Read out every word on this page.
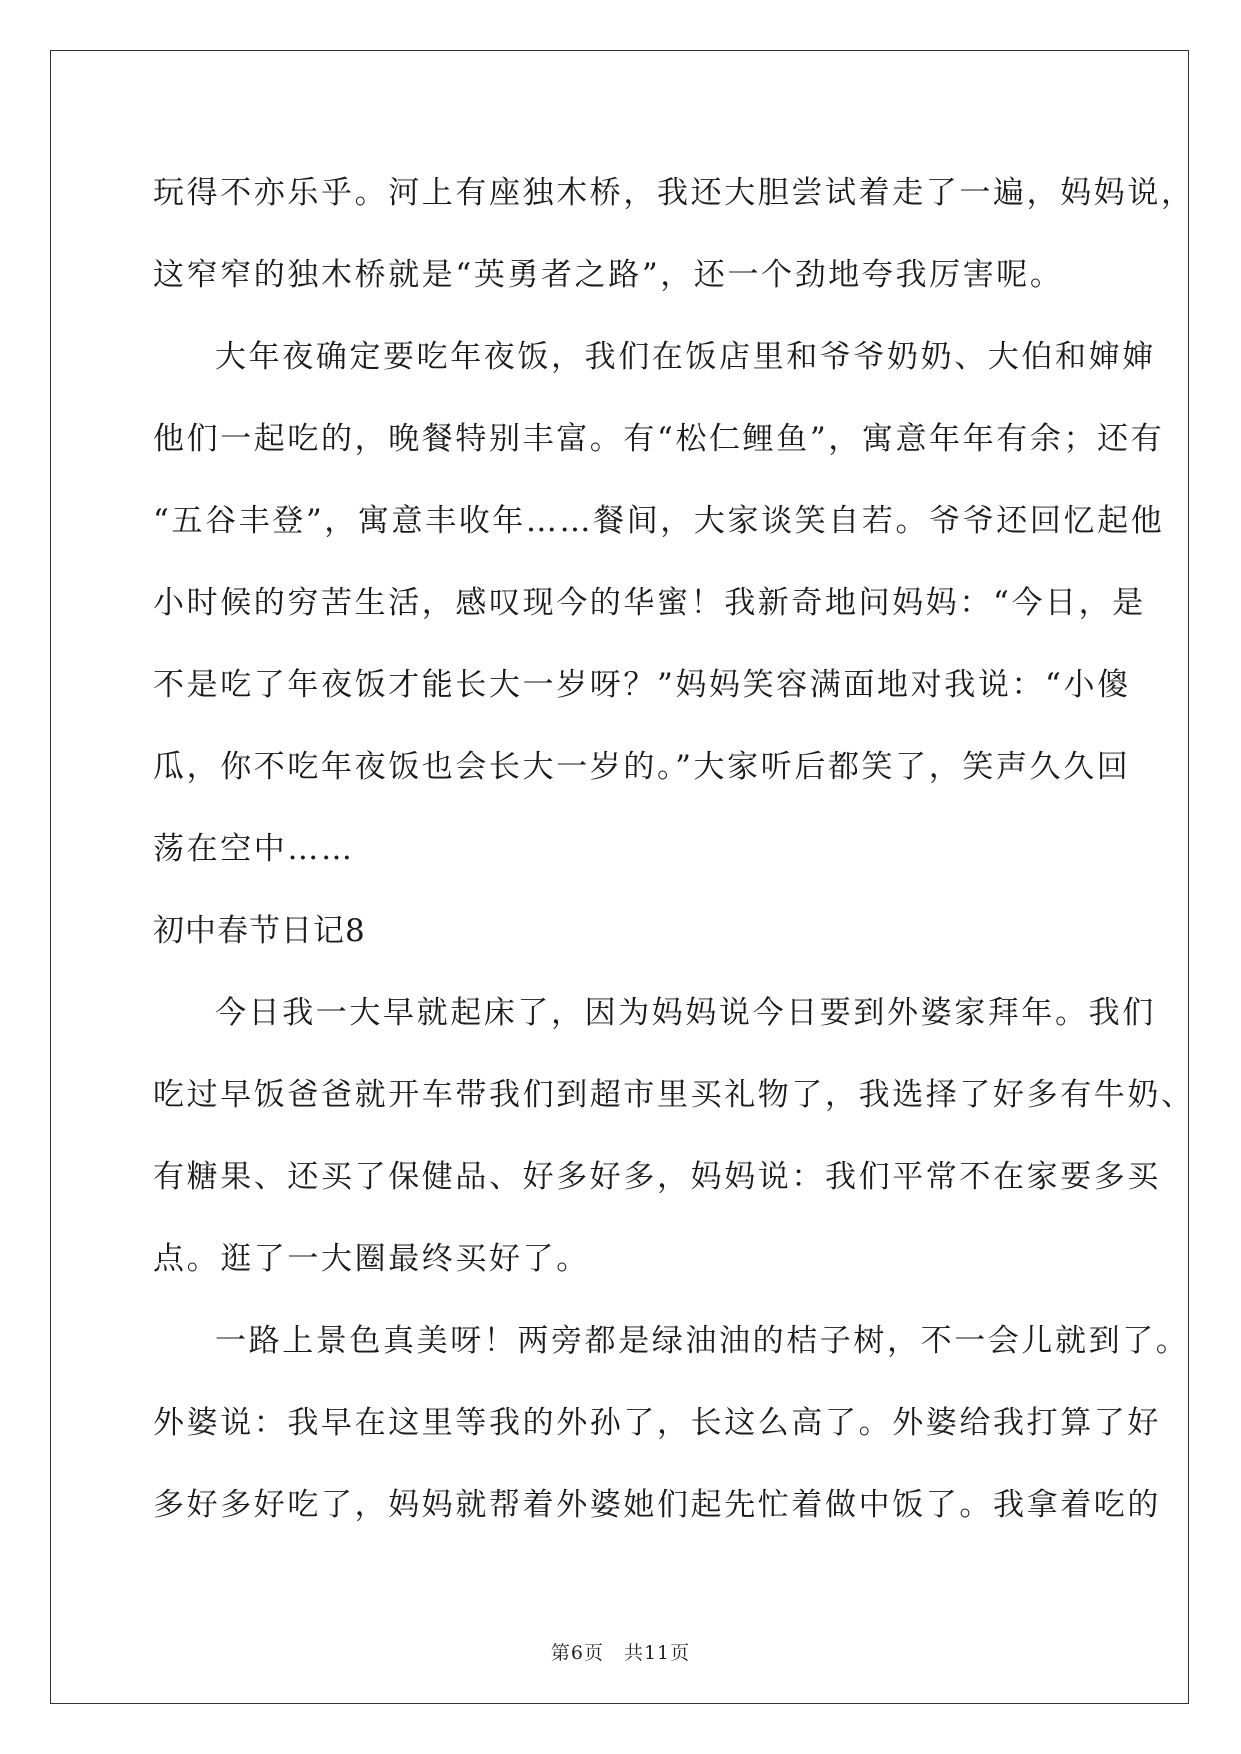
玩得不亦乐乎。河上有座独木桥，我还大胆尝试着走了一遍，妈妈说，
这窄窄的独木桥就是“英勇者之路”，还一个劲地夸我厉害呢。
大年夜确定要吃年夜饭，我们在饭店里和爷爷奶奶、大伯和婶婶
他们一起吃的，晚餐特别丰富。有“松仁鲤鱼”，寓意年年有余；还有
“五谷丰登”，寓意丰收年……餐间，大家谈笑自若。爷爷还回忆起他
小时候的穷苦生活，感叹现今的华蜜！我新奇地问妈妈：“今日，是
不是吃了年夜饭才能长大一岁呀？”妈妈笑容满面地对我说：“小傻
瓜，你不吃年夜饭也会长大一岁的。”大家听后都笑了，笑声久久回
荡在空中……
初中春节日记8
今日我一大早就起床了，因为妈妈说今日要到外婆家拜年。我们
吃过早饭爸爸就开车带我们到超市里买礼物了，我选择了好多有牛奶、
有糖果、还买了保健品、好多好多，妈妈说：我们平常不在家要多买
点。逛了一大圈最终买好了。
一路上景色真美呀！两旁都是绿油油的桔子树，不一会儿就到了。
外婆说：我早在这里等我的外孙了，长这么高了。外婆给我打算了好
多好多好吃了，妈妈就帮着外婆她们起先忙着做中饭了。我拿着吃的
第6页　共11页
